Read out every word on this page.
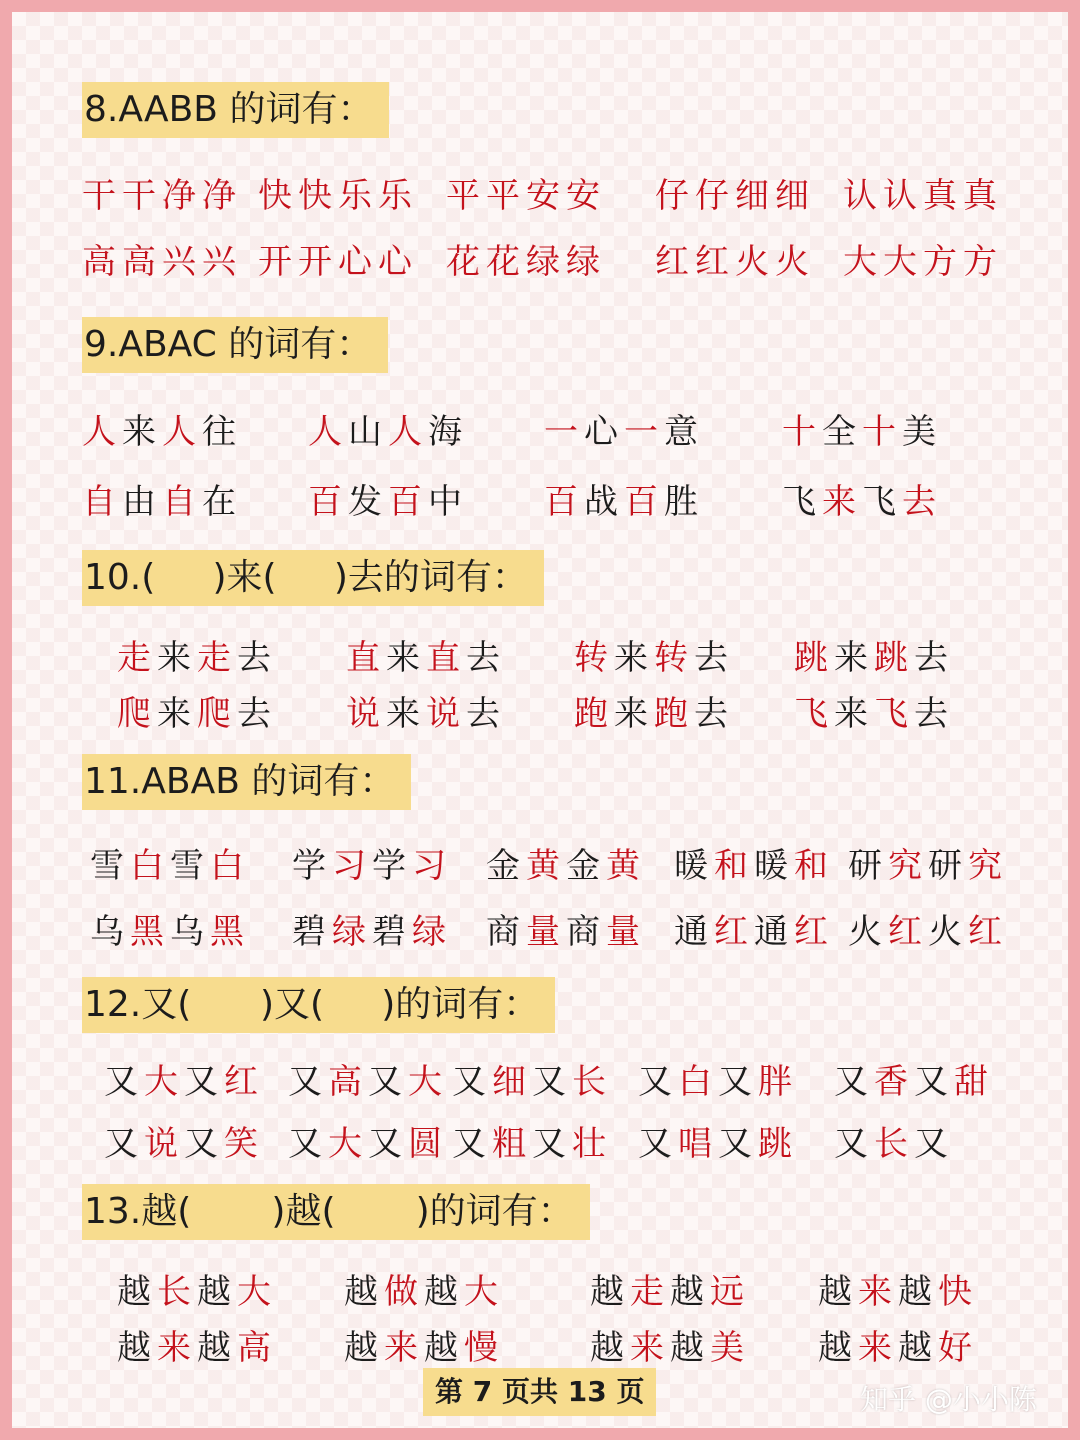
8.AABB 的词有：
干干净净 快快乐乐 平平安安 仔仔细细 认认真真
高高兴兴 开开心心 花花绿绿 红红火火 大大方方
9.ABAC 的词有：
人来人往 人山人海 一心一意 十全十美
自由自在 百发百中 百战百胜 飞来飞去
10.(     )来(     )去的词有：
走来走去 直来直去 转来转去 跳来跳去
爬来爬去 说来说去 跑来跑去 飞来飞去
11.ABAB 的词有：
雪白雪白 学习学习 金黄金黄 暖和暖和 研究研究
乌黑乌黑 碧绿碧绿 商量商量 通红通红 火红火红
12.又(      )又(     )的词有：
又大又红 又高又大 又细又长 又白又胖 又香又甜
又说又笑 又大又圆 又粗又壮 又唱又跳 又长又
13.越(       )越(       )的词有：
越长越大 越做越大	越走越远 越来越快
越来越高 越来越慢	越来越美 越来越好
第 7 页共 13 页	知乎 @小小陈
